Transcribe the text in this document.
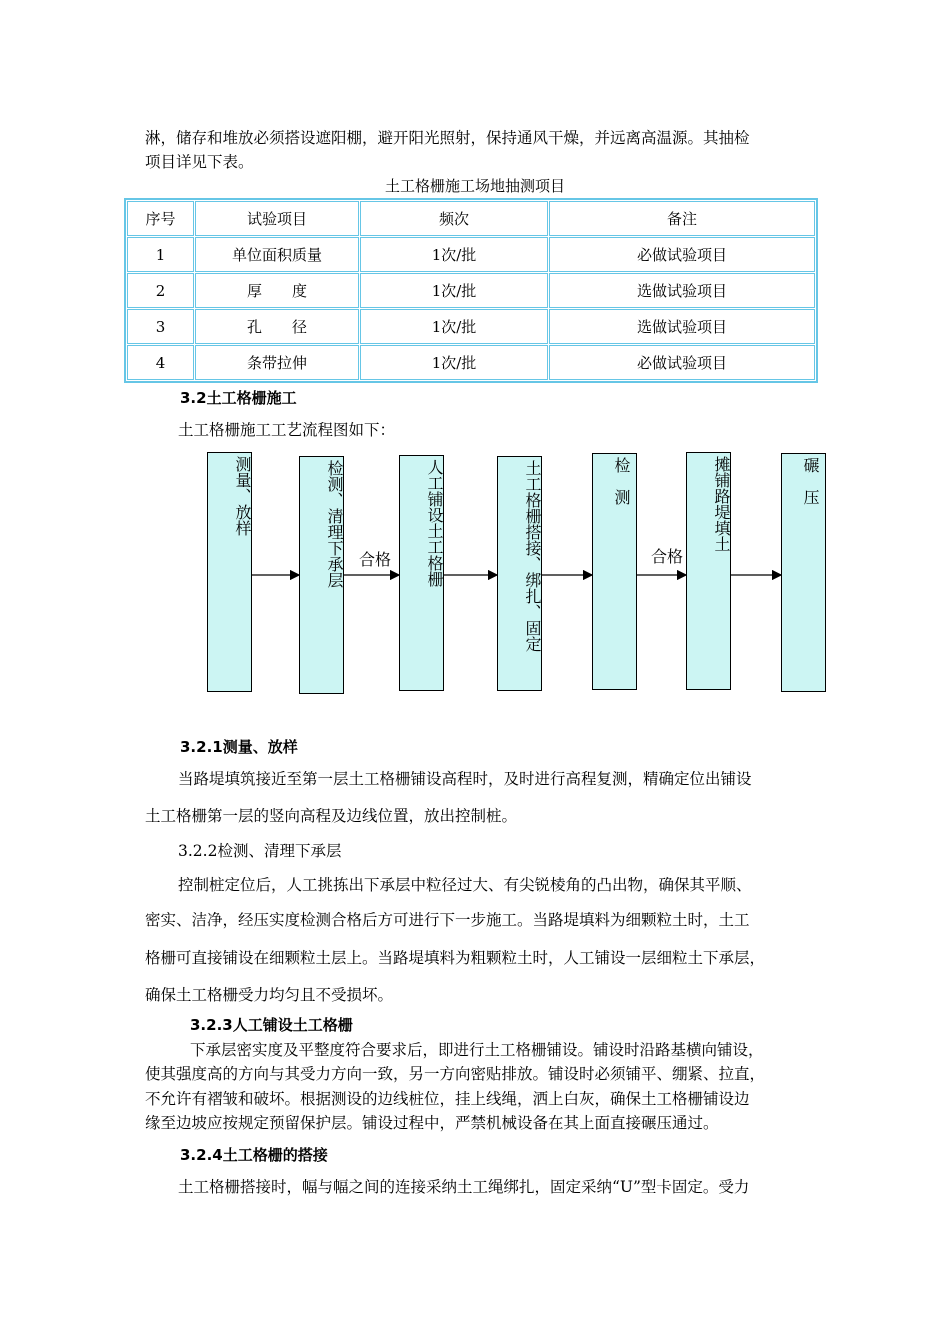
淋，储存和堆放必须搭设遮阳棚，避开阳光照射，保持通风干燥，并远离高温源。其抽检

项目详见下表。

土工格栅施工场地抽测项目
序号	试验项目	频次	备注
1	单位面积质量	1次/批	必做试验项目
2	厚　　度	1次/批	选做试验项目
3	孔　　径	1次/批	选做试验项目
4	条带拉伸	1次/批	必做试验项目

3.2土工格栅施工

土工格栅施工工艺流程图如下：

测量、放样	检测、清理下承层	人工铺设土工格栅	土工格栅搭接、绑扎、固定	检　测	摊铺路堤填土	碾　压
合格	合格

3.2.1测量、放样

当路堤填筑接近至第一层土工格栅铺设高程时，及时进行高程复测，精确定位出铺设

土工格栅第一层的竖向高程及边线位置，放出控制桩。

3.2.2检测、清理下承层

控制桩定位后，人工挑拣出下承层中粒径过大、有尖锐棱角的凸出物，确保其平顺、

密实、洁净，经压实度检测合格后方可进行下一步施工。当路堤填料为细颗粒土时，土工

格栅可直接铺设在细颗粒土层上。当路堤填料为粗颗粒土时，人工铺设一层细粒土下承层，

确保土工格栅受力均匀且不受损坏。

3.2.3人工铺设土工格栅

下承层密实度及平整度符合要求后，即进行土工格栅铺设。铺设时沿路基横向铺设，

使其强度高的方向与其受力方向一致，另一方向密贴排放。铺设时必须铺平、绷紧、拉直，

不允许有褶皱和破坏。根据测设的边线桩位，挂上线绳，洒上白灰，确保土工格栅铺设边

缘至边坡应按规定预留保护层。铺设过程中，严禁机械设备在其上面直接碾压通过。

3.2.4土工格栅的搭接

土工格栅搭接时，幅与幅之间的连接采纳土工绳绑扎，固定采纳“U”型卡固定。受力
